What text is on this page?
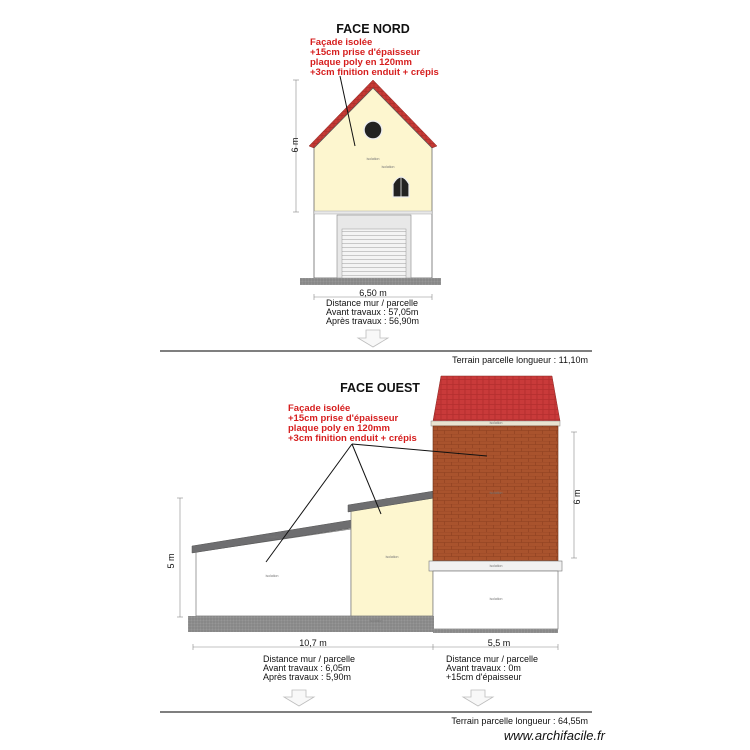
FACE NORD
isolation
isolation
Façade isolée +15cm prise d'épaisseur plaque poly en 120mm +3cm finition enduit + crépis
6 m
6,50 m
Distance mur / parcelle Avant travaux : 57,05m Après travaux : 56,90m
Terrain parcelle longueur : 11,10m
FACE OUEST
isolation
isolation
isolation
isolation
isolation
isolation
isolation
isolation
isolation
Façade isolée +15cm prise d'épaisseur plaque poly en 120mm +3cm finition enduit + crépis
5 m
6 m
10,7 m	5,5 m
Distance mur / parcelle Avant travaux : 6,05m Après travaux : 5,90m
Distance mur / parcelle Avant travaux : 0m +15cm d'épaisseur
Terrain parcelle longueur : 64,55m
www.archifacile.fr
